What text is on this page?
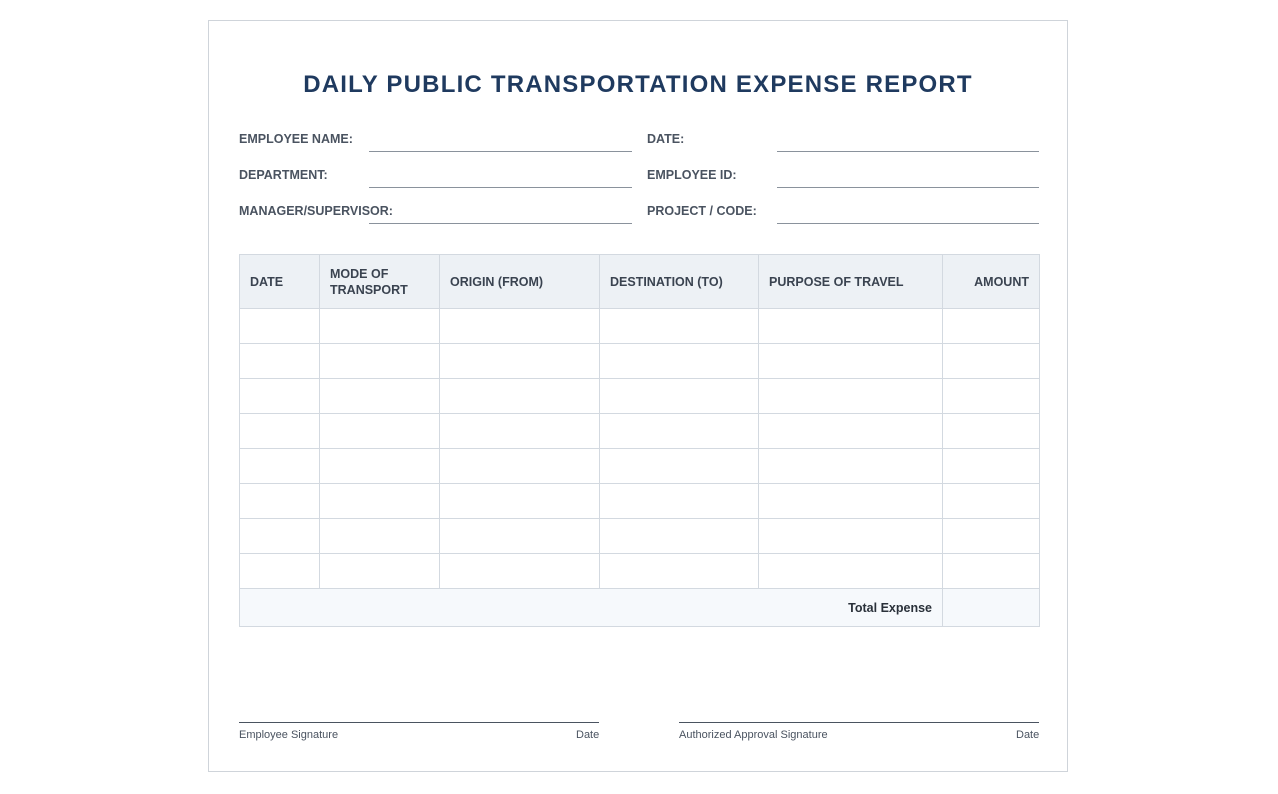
DAILY PUBLIC TRANSPORTATION EXPENSE REPORT
EMPLOYEE NAME:	DATE:
DEPARTMENT:	EMPLOYEE ID:
MANAGER/SUPERVISOR:	PROJECT / CODE:
DATE	MODE OF TRANSPORT	ORIGIN (FROM)	DESTINATION (TO)	PURPOSE OF TRAVEL	AMOUNT

Total Expense					
Employee Signature	Date	Authorized Approval Signature	Date
